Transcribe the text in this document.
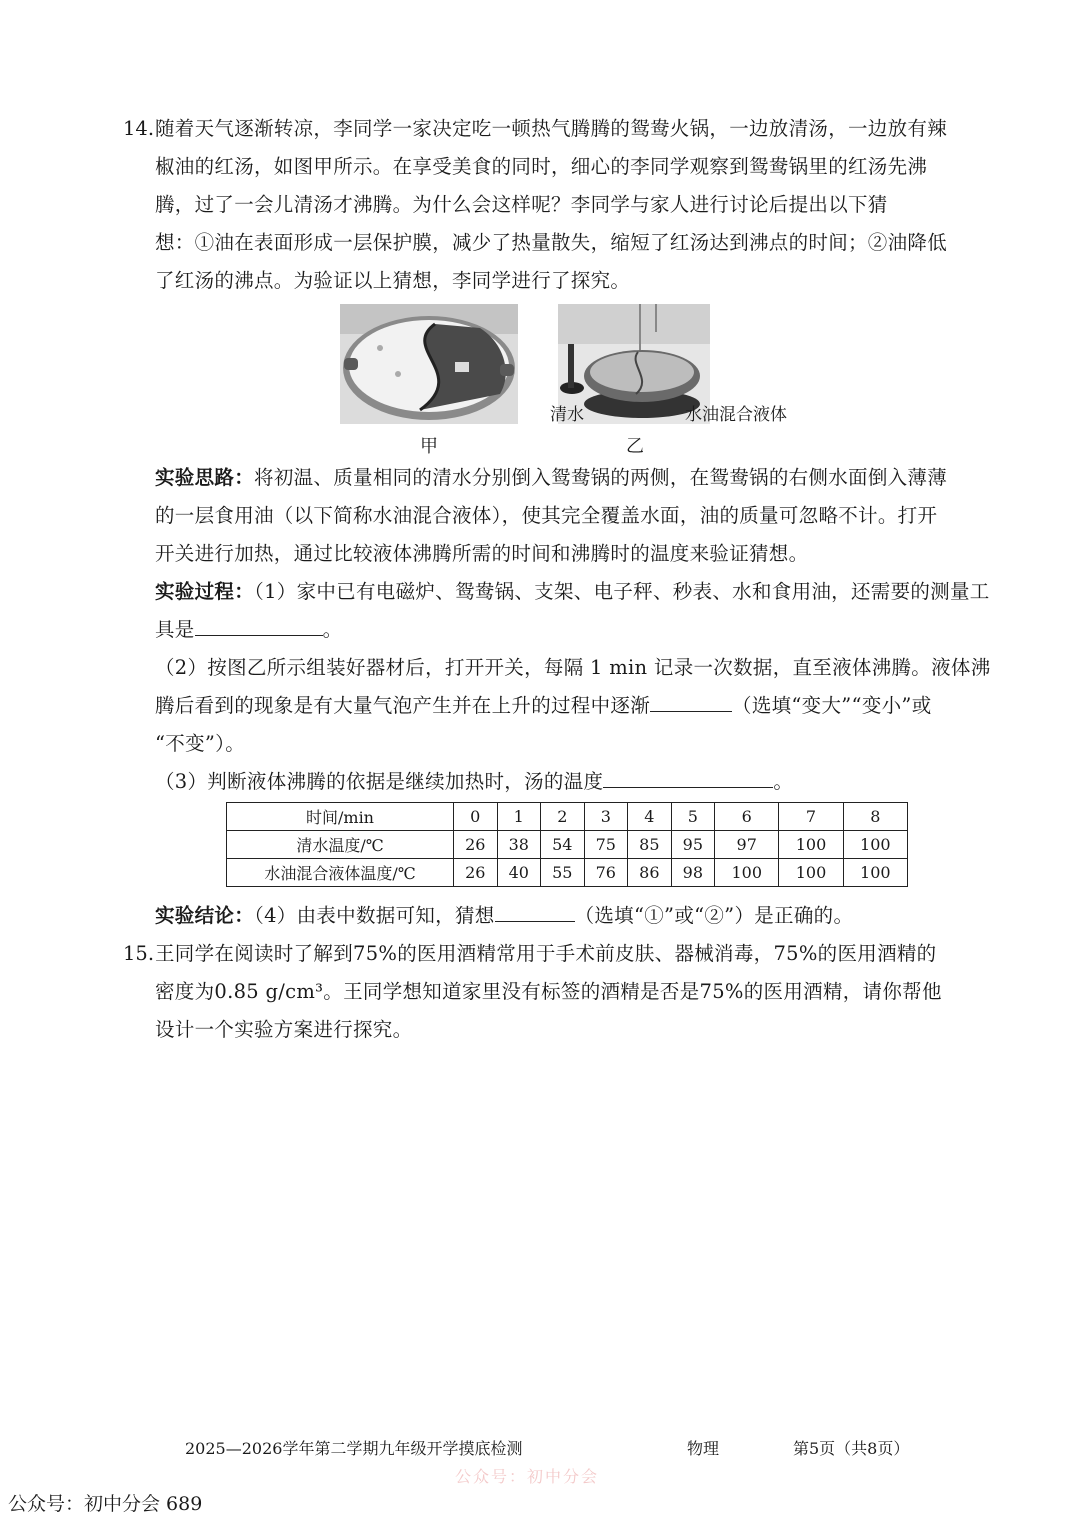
14. 随着天气逐渐转凉，李同学一家决定吃一顿热气腾腾的鸳鸯火锅，一边放清汤，一边放有辣
椒油的红汤，如图甲所示。在享受美食的同时，细心的李同学观察到鸳鸯锅里的红汤先沸
腾，过了一会儿清汤才沸腾。为什么会这样呢？李同学与家人进行讨论后提出以下猜
想：①油在表面形成一层保护膜，减少了热量散失，缩短了红汤达到沸点的时间；②油降低
了红汤的沸点。为验证以上猜想，李同学进行了探究。
甲
清水	水油混合液体
乙
实验思路：将初温、质量相同的清水分别倒入鸳鸯锅的两侧，在鸳鸯锅的右侧水面倒入薄薄
的一层食用油（以下简称水油混合液体），使其完全覆盖水面，油的质量可忽略不计。打开
开关进行加热，通过比较液体沸腾所需的时间和沸腾时的温度来验证猜想。
实验过程：（1）家中已有电磁炉、鸳鸯锅、支架、电子秤、秒表、水和食用油，还需要的测量工
具是	。
（2）按图乙所示组装好器材后，打开开关，每隔 1 min 记录一次数据，直至液体沸腾。液体沸
腾后看到的现象是有大量气泡产生并在上升的过程中逐渐	（选填“变大”“变小”或
“不变”）。
（3）判断液体沸腾的依据是继续加热时，汤的温度	。
时间/min	0	1	2	3	4	5	6	7	8
清水温度/℃	26	38	54	75	85	95	97	100	100
水油混合液体温度/℃	26	40	55	76	86	98	100	100	100
实验结论：（4）由表中数据可知，猜想	（选填“①”或“②”）是正确的。
15. 王同学在阅读时了解到75%的医用酒精常用于手术前皮肤、器械消毒，75%的医用酒精的
密度为0.85 g/cm³。王同学想知道家里没有标签的酒精是否是75%的医用酒精，请你帮他
设计一个实验方案进行探究。
2025—2026学年第二学期九年级开学摸底检测	物理	第5页（共8页）
公众号：初中分会
公众号：初中分会 689
